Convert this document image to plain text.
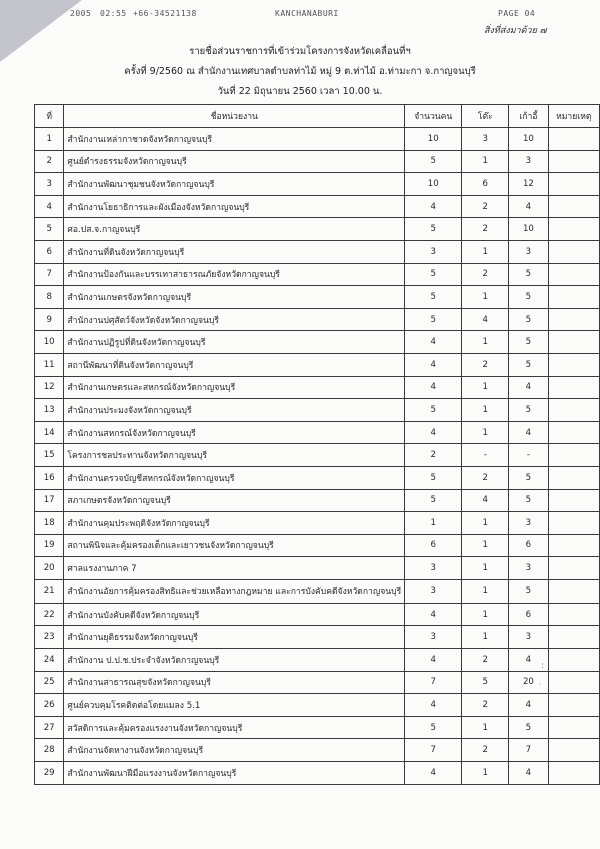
2005 02:55 +66-34521138	KANCHANABURI	PAGE 04
สิ่งที่ส่งมาด้วย ๗
รายชื่อส่วนราชการที่เข้าร่วมโครงการจังหวัดเคลื่อนที่ฯ
ครั้งที่ 9/2560 ณ สำนักงานเทศบาลตำบลท่าไม้ หมู่ 9 ต.ท่าไม้ อ.ท่ามะกา จ.กาญจนบุรี
วันที่ 22 มิถุนายน 2560 เวลา 10.00 น.
ที่	ชื่อหน่วยงาน	จำนวนคน	โต๊ะ	เก้าอี้	หมายเหตุ
1	สำนักงานเหล่ากาชาดจังหวัดกาญจนบุรี	10	3	10	
2	ศูนย์ดำรงธรรมจังหวัดกาญจนบุรี	5	1	3	
3	สำนักงานพัฒนาชุมชนจังหวัดกาญจนบุรี	10	6	12	
4	สำนักงานโยธาธิการและผังเมืองจังหวัดกาญจนบุรี	4	2	4	
5	ศอ.ปส.จ.กาญจนบุรี	5	2	10	
6	สำนักงานที่ดินจังหวัดกาญจนบุรี	3	1	3	
7	สำนักงานป้องกันและบรรเทาสาธารณภัยจังหวัดกาญจนบุรี	5	2	5	
8	สำนักงานเกษตรจังหวัดกาญจนบุรี	5	1	5	
9	สำนักงานปศุสัตว์จังหวัดจังหวัดกาญจนบุรี	5	4	5	
10	สำนักงานปฏิรูปที่ดินจังหวัดกาญจนบุรี	4	1	5	
11	สถานีพัฒนาที่ดินจังหวัดกาญจนบุรี	4	2	5	
12	สำนักงานเกษตรและสหกรณ์จังหวัดกาญจนบุรี	4	1	4	
13	สำนักงานประมงจังหวัดกาญจนบุรี	5	1	5	
14	สำนักงานสหกรณ์จังหวัดกาญจนบุรี	4	1	4	
15	โครงการชลประทานจังหวัดกาญจนบุรี	2	-	-	
16	สำนักงานตรวจบัญชีสหกรณ์จังหวัดกาญจนบุรี	5	2	5	
17	สภาเกษตรจังหวัดกาญจนบุรี	5	4	5	
18	สำนักงานคุมประพฤติจังหวัดกาญจนบุรี	1	1	3	
19	สถานพินิจและคุ้มครองเด็กและเยาวชนจังหวัดกาญจนบุรี	6	1	6	
20	ศาลแรงงานภาค 7	3	1	3	
21	สำนักงานอัยการคุ้มครองสิทธิและช่วยเหลือทางกฎหมาย และการบังคับคดีจังหวัดกาญจนบุรี	3	1	5	
22	สำนักงานบังคับคดีจังหวัดกาญจนบุรี	4	1	6	
23	สำนักงานยุติธรรมจังหวัดกาญจนบุรี	3	1	3	
24	สำนักงาน ป.ป.ช.ประจำจังหวัดกาญจนบุรี	4	2	4	
25	สำนักงานสาธารณสุขจังหวัดกาญจนบุรี	7	5	20	
26	ศูนย์ควบคุมโรคติดต่อโดยแมลง 5.1	4	2	4	
27	สวัสดิการและคุ้มครองแรงงานจังหวัดกาญจนบุรี	5	1	5	
28	สำนักงานจัดหางานจังหวัดกาญจนบุรี	7	2	7	
29	สำนักงานพัฒนาฝีมือแรงงานจังหวัดกาญจนบุรี	4	1	4	
:
'
